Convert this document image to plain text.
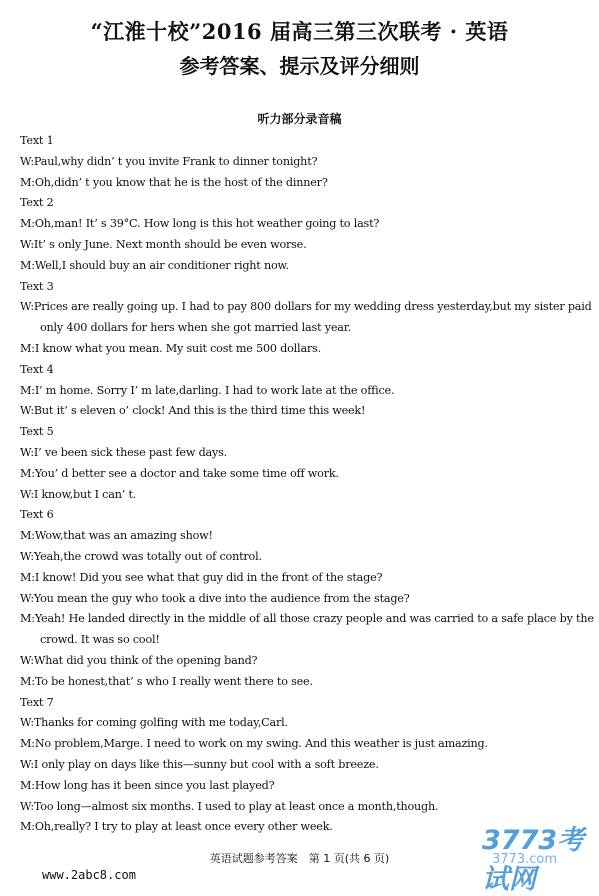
“江淮十校”2016 届高三第三次联考 · 英语
参考答案、提示及评分细则
听力部分录音稿
Text 1
W:Paul,why didn’ t you invite Frank to dinner tonight?
M:Oh,didn’ t you know that he is the host of the dinner?
Text 2
M:Oh,man! It’ s 39°C. How long is this hot weather going to last?
W:It’ s only June. Next month should be even worse.
M:Well,I should buy an air conditioner right now.
Text 3
W:Prices are really going up. I had to pay 800 dollars for my wedding dress yesterday,but my sister paid only 400 dollars for hers when she got married last year.
M:I know what you mean. My suit cost me 500 dollars.
Text 4
M:I’ m home. Sorry I’ m late,darling. I had to work late at the office.
W:But it’ s eleven o’ clock! And this is the third time this week!
Text 5
W:I’ ve been sick these past few days.
M:You’ d better see a doctor and take some time off work.
W:I know,but I can’ t.
Text 6
M:Wow,that was an amazing show!
W:Yeah,the crowd was totally out of control.
M:I know! Did you see what that guy did in the front of the stage?
W:You mean the guy who took a dive into the audience from the stage?
M:Yeah! He landed directly in the middle of all those crazy people and was carried to a safe place by the crowd. It was so cool!
W:What did you think of the opening band?
M:To be honest,that’ s who I really went there to see.
Text 7
W:Thanks for coming golfing with me today,Carl.
M:No problem,Marge. I need to work on my swing. And this weather is just amazing.
W:I only play on days like this—sunny but cool with a soft breeze.
M:How long has it been since you last played?
W:Too long—almost six months. I used to play at least once a month,though.
M:Oh,really? I try to play at least once every other week.
英语试题参考答案　第 1 页(共 6 页)
www.2abc8.com
3773考试网
3773.com
